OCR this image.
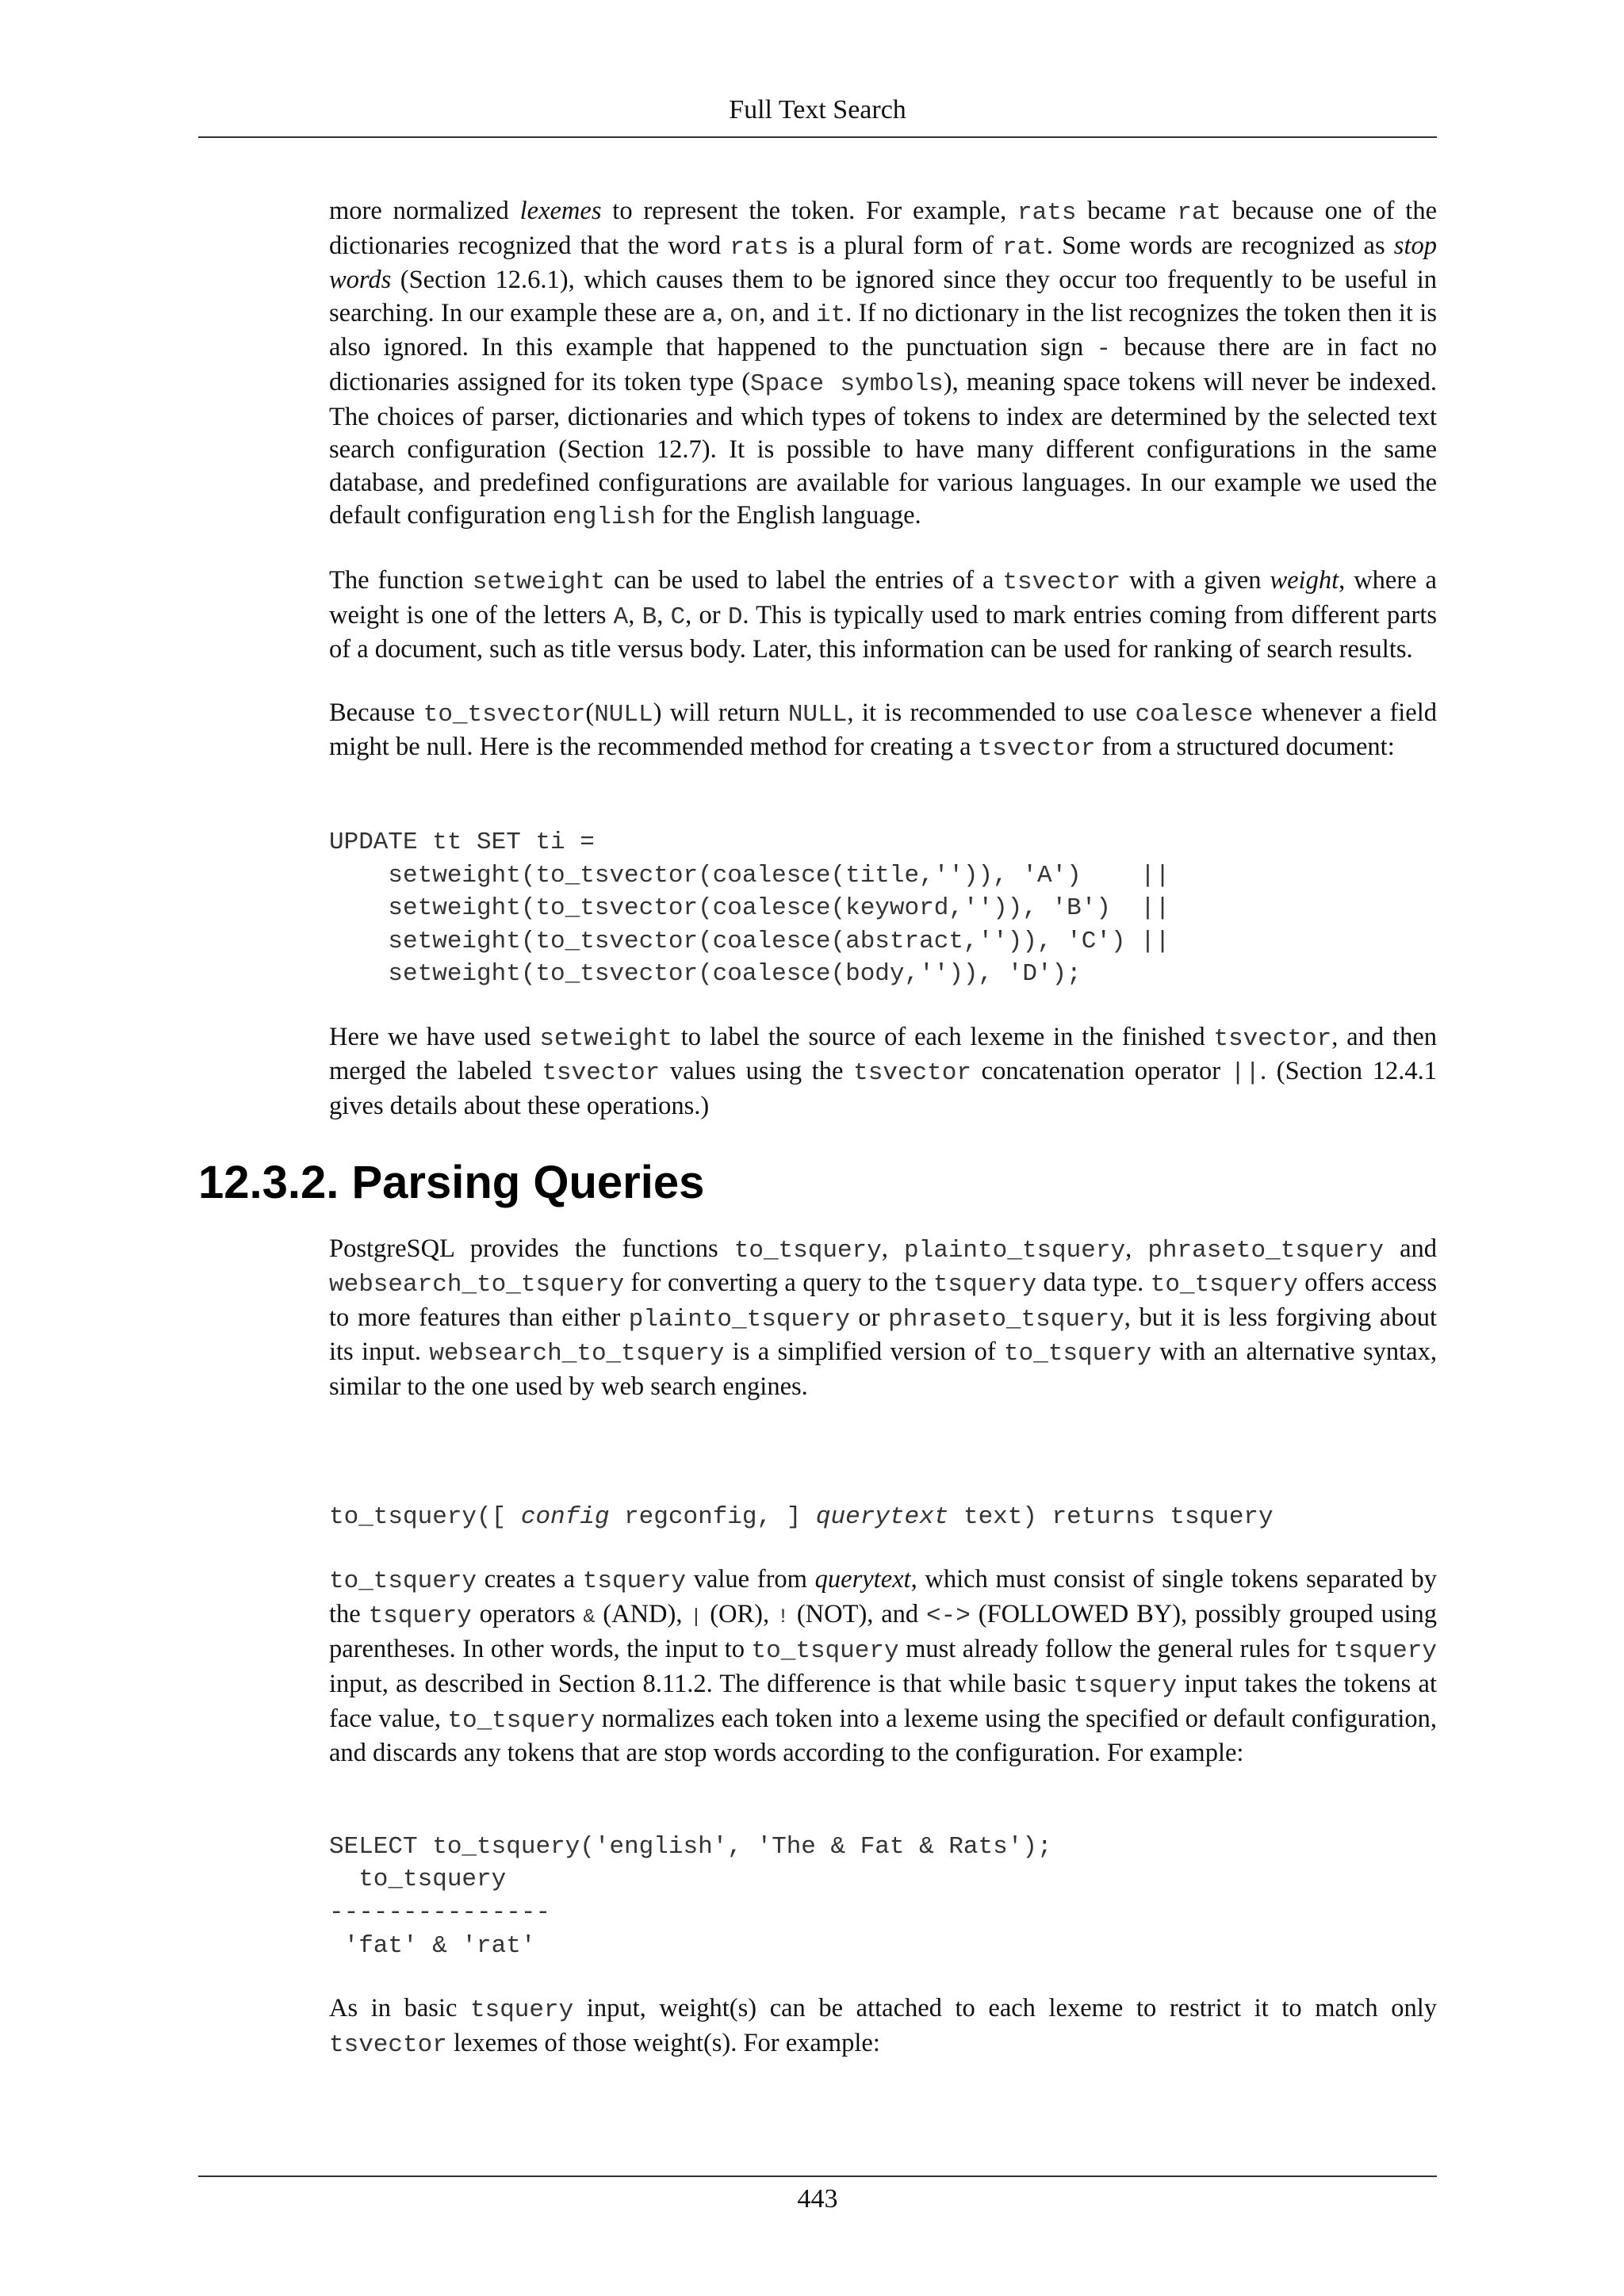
Full Text Search

more normalized lexemes to represent the token. For example, rats became rat because one of the dictionaries recognized that the word rats is a plural form of rat. Some words are recognized as stop words (Section 12.6.1), which causes them to be ignored since they occur too frequently to be useful in searching. In our example these are a, on, and it. If no dictionary in the list recognizes the token then it is also ignored. In this example that happened to the punctuation sign - because there are in fact no dictionaries assigned for its token type (Space symbols), meaning space tokens will never be indexed. The choices of parser, dictionaries and which types of tokens to index are determined by the selected text search configuration (Section 12.7). It is possible to have many different configurations in the same database, and predefined configurations are available for various languages. In our example we used the default configuration english for the English language.

The function setweight can be used to label the entries of a tsvector with a given weight, where a weight is one of the letters A, B, C, or D. This is typically used to mark entries coming from different parts of a document, such as title versus body. Later, this information can be used for ranking of search results.

Because to_tsvector(NULL) will return NULL, it is recommended to use coalesce whenever a field might be null. Here is the recommended method for creating a tsvector from a structured document:

UPDATE tt SET ti =
setweight(to_tsvector(coalesce(title,'')), 'A')    ||
setweight(to_tsvector(coalesce(keyword,'')), 'B')  ||
setweight(to_tsvector(coalesce(abstract,'')), 'C') ||
setweight(to_tsvector(coalesce(body,'')), 'D');

Here we have used setweight to label the source of each lexeme in the finished tsvector, and then merged the labeled tsvector values using the tsvector concatenation operator ||. (Section 12.4.1 gives details about these operations.)

12.3.2. Parsing Queries

PostgreSQL provides the functions to_tsquery, plainto_tsquery, phraseto_tsquery and websearch_to_tsquery for converting a query to the tsquery data type. to_tsquery offers access to more features than either plainto_tsquery or phraseto_tsquery, but it is less forgiving about its input. websearch_to_tsquery is a simplified version of to_tsquery with an alternative syntax, similar to the one used by web search engines.

to_tsquery([ config regconfig, ] querytext text) returns tsquery

to_tsquery creates a tsquery value from querytext, which must consist of single tokens separated by the tsquery operators & (AND), | (OR), ! (NOT), and <-> (FOLLOWED BY), possibly grouped using parentheses. In other words, the input to to_tsquery must already follow the general rules for tsquery input, as described in Section 8.11.2. The difference is that while basic tsquery input takes the tokens at face value, to_tsquery normalizes each token into a lexeme using the specified or default configuration, and discards any tokens that are stop words according to the configuration. For example:

SELECT to_tsquery('english', 'The & Fat & Rats');
to_tsquery
---------------
'fat' & 'rat'

As in basic tsquery input, weight(s) can be attached to each lexeme to restrict it to match only tsvector lexemes of those weight(s). For example:

443
